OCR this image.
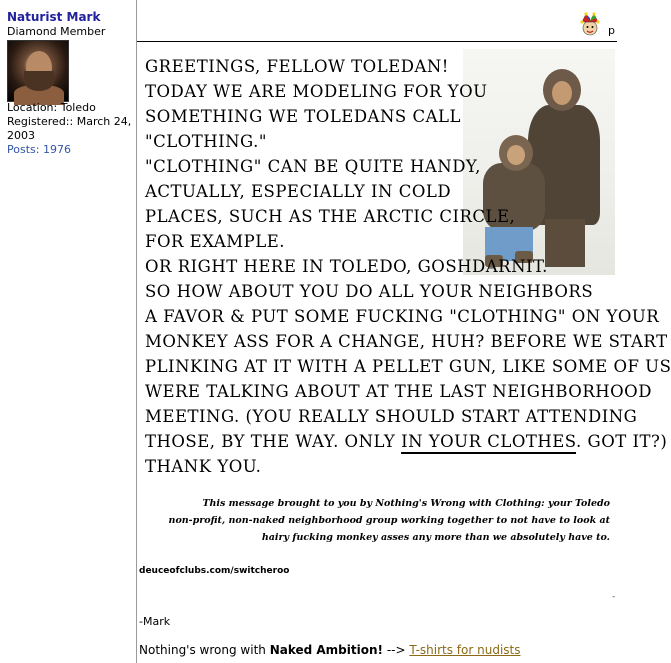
Naturist Mark
Diamond Member
Location: Toledo
Registered:: March 24, 2003
Posts: 1976
p
GREETINGS, FELLOW TOLEDAN!
TODAY WE ARE MODELING FOR YOU
SOMETHING WE TOLEDANS CALL
"CLOTHING."
"CLOTHING" CAN BE QUITE HANDY,
ACTUALLY, ESPECIALLY IN COLD
PLACES, SUCH AS THE ARCTIC CIRCLE,
FOR EXAMPLE.
OR RIGHT HERE IN TOLEDO, GOSHDARNIT.
SO HOW ABOUT YOU DO ALL YOUR NEIGHBORS
A FAVOR & PUT SOME FUCKING "CLOTHING" ON YOUR
MONKEY ASS FOR A CHANGE, HUH? BEFORE WE START
PLINKING AT IT WITH A PELLET GUN, LIKE SOME OF US
WERE TALKING ABOUT AT THE LAST NEIGHBORHOOD
MEETING. (YOU REALLY SHOULD START ATTENDING
THOSE, BY THE WAY. ONLY IN YOUR CLOTHES. GOT IT?)
THANK YOU.
This message brought to you by Nothing's Wrong with Clothing: your Toledo
non-profit, non-naked neighborhood group working together to not have to look at
hairy fucking monkey asses any more than we absolutely have to.
deuceofclubs.com/switcheroo
-
-Mark
Nothing's wrong with Naked Ambition! --> T-shirts for nudists
